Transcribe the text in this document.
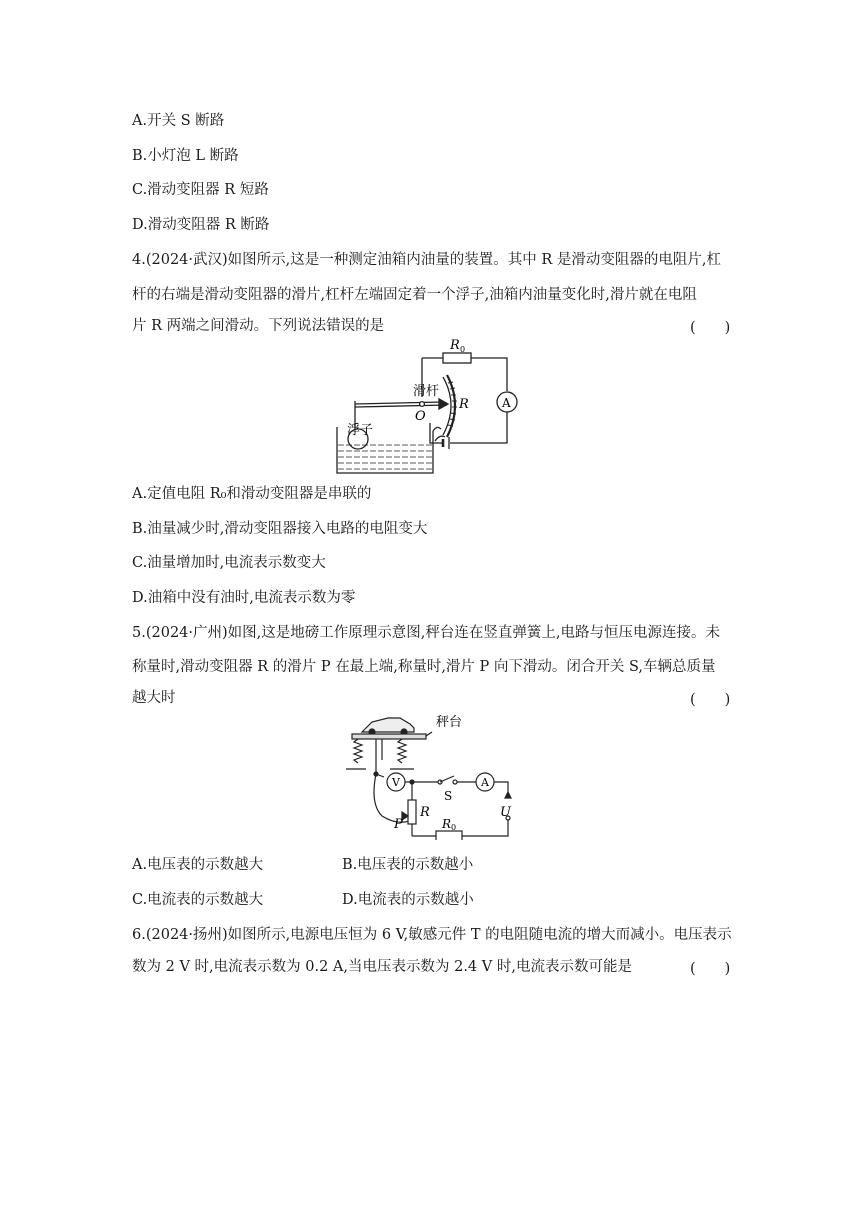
A.开关 S 断路
B.小灯泡 L 断路
C.滑动变阻器 R 短路
D.滑动变阻器 R 断路
4.(2024·武汉)如图所示,这是一种测定油箱内油量的装置。其中 R 是滑动变阻器的电阻片,杠
杆的右端是滑动变阻器的滑片,杠杆左端固定着一个浮子,油箱内油量变化时,滑片就在电阻
片 R 两端之间滑动。下列说法错误的是	(　　)
R 0
滑杆
O
R	A
浮子
A.定值电阻 R₀和滑动变阻器是串联的
B.油量减少时,滑动变阻器接入电路的电阻变大
C.油量增加时,电流表示数变大
D.油箱中没有油时,电流表示数为零
5.(2024·广州)如图,这是地磅工作原理示意图,秤台连在竖直弹簧上,电路与恒压电源连接。未
称量时,滑动变阻器 R 的滑片 P 在最上端,称量时,滑片 P 向下滑动。闭合开关 S,车辆总质量
越大时	(　　)
秤台
V
S
A
R
P
U
R 0
A.电压表的示数越大	B.电压表的示数越小
C.电流表的示数越大	D.电流表的示数越小
6.(2024·扬州)如图所示,电源电压恒为 6 V,敏感元件 T 的电阻随电流的增大而减小。电压表示
数为 2 V 时,电流表示数为 0.2 A,当电压表示数为 2.4 V 时,电流表示数可能是	(　　)
